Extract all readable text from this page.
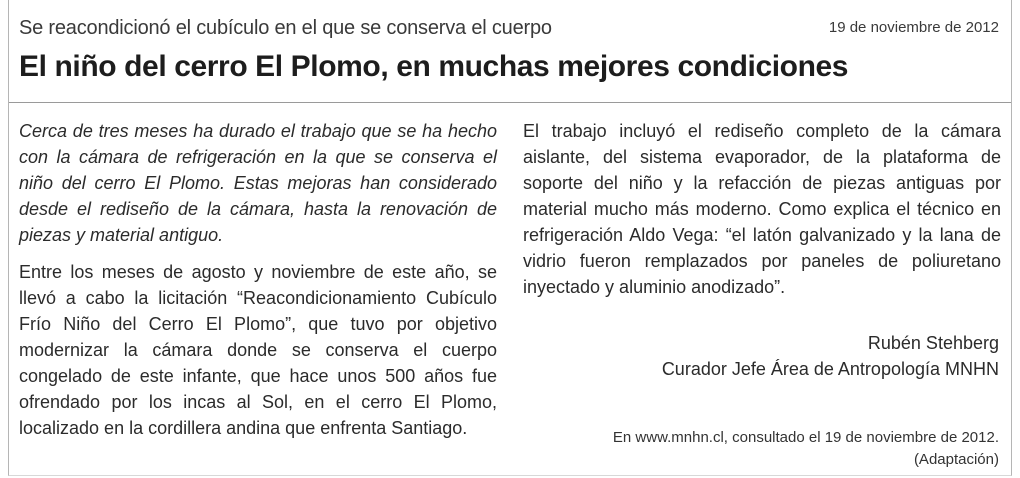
Se reacondicionó el cubículo en el que se conserva el cuerpo	19 de noviembre de 2012
El niño del cerro El Plomo, en muchas mejores condiciones

Cerca de tres meses ha durado el trabajo que se ha hecho con la cámara de refrigeración en la que se conserva el niño del cerro El Plomo. Estas mejoras han considerado desde el rediseño de la cámara, hasta la renovación de piezas y material antiguo.

Entre los meses de agosto y noviembre de este año, se llevó a cabo la licitación “Reacondicionamiento Cubículo Frío Niño del Cerro El Plomo”, que tuvo por objetivo modernizar la cámara donde se conserva el cuerpo congelado de este infante, que hace unos 500 años fue ofrendado por los incas al Sol, en el cerro El Plomo, localizado en la cordillera andina que enfrenta Santiago.

El trabajo incluyó el rediseño completo de la cámara aislante, del sistema evaporador, de la plataforma de soporte del niño y la refacción de piezas antiguas por material mucho más moderno. Como explica el técnico en refrigeración Aldo Vega: “el latón galvanizado y la lana de vidrio fueron remplazados por paneles de poliuretano inyectado y aluminio anodizado”.

Rubén Stehberg
Curador Jefe Área de Antropología MNHN
En www.mnhn.cl, consultado el 19 de noviembre de 2012.
(Adaptación)
